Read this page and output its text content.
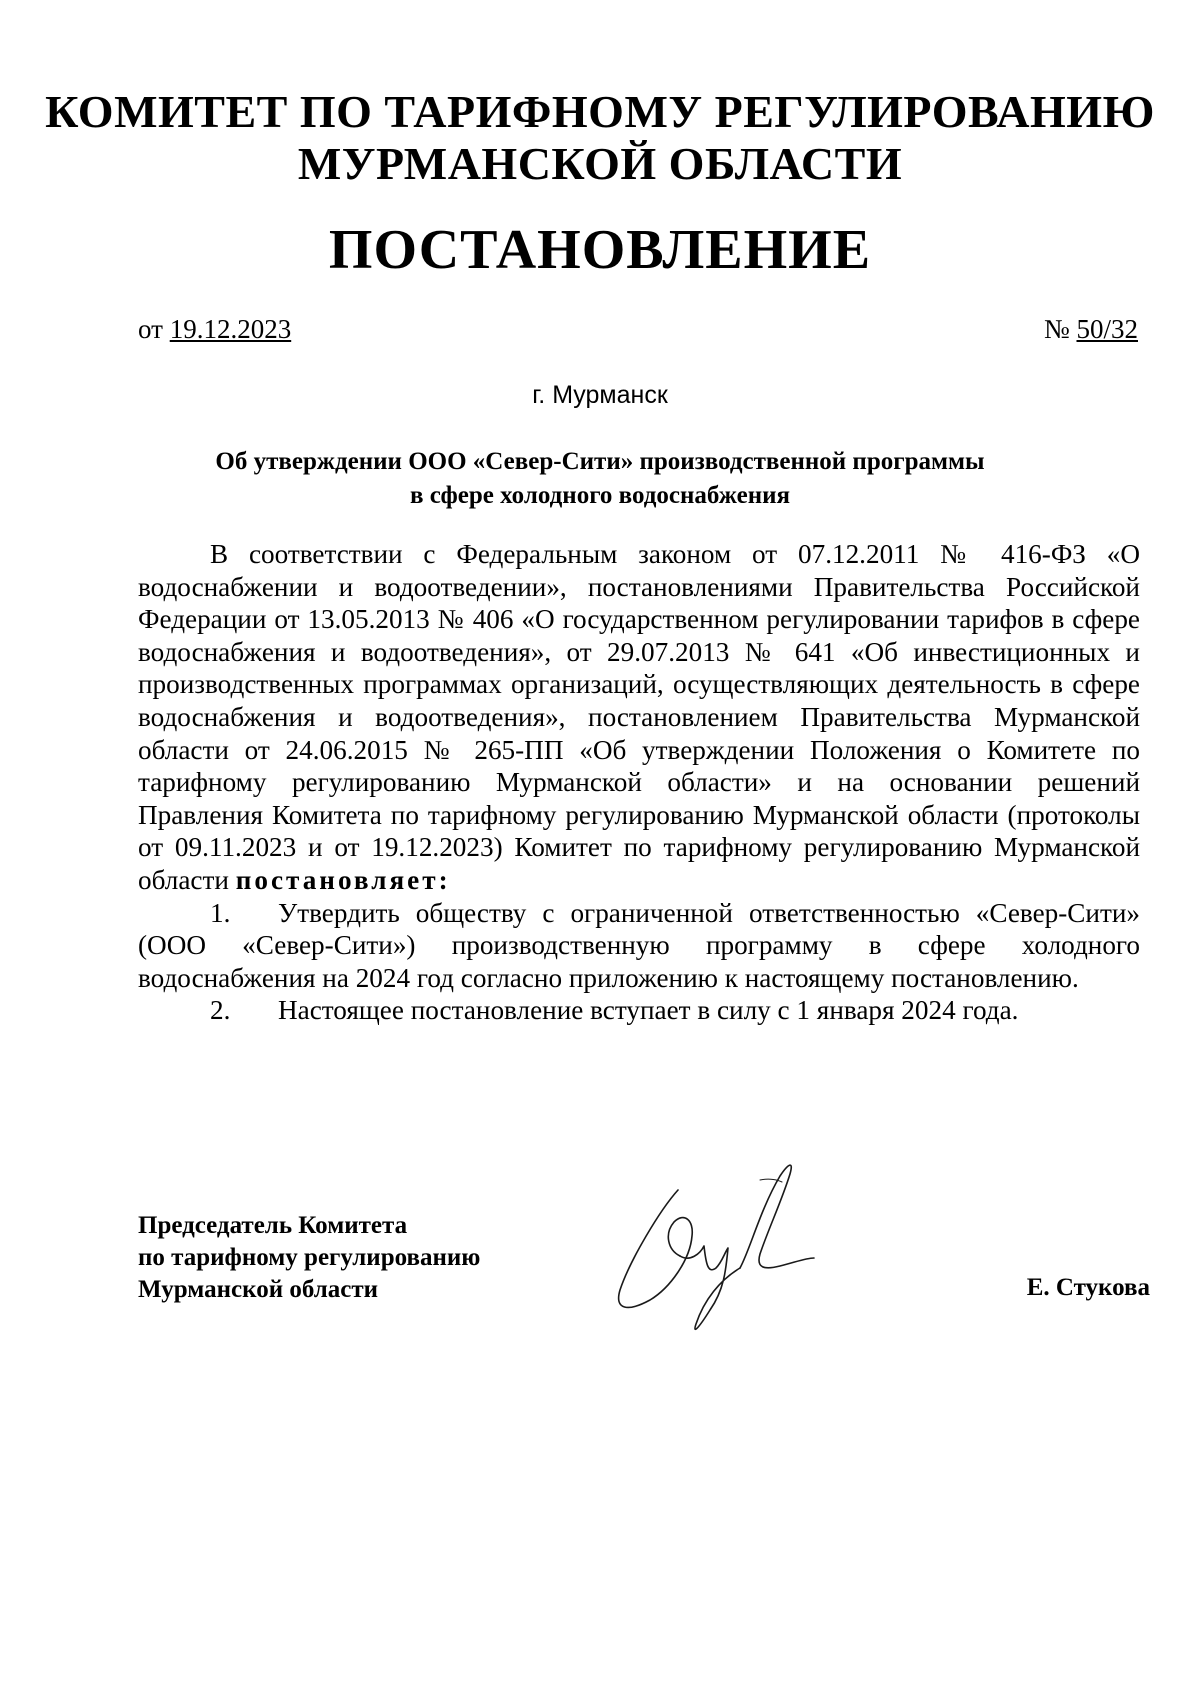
КОМИТЕТ ПО ТАРИФНОМУ РЕГУЛИРОВАНИЮ
МУРМАНСКОЙ ОБЛАСТИ
ПОСТАНОВЛЕНИЕ
от 19.12.2023	№ 50/32
г. Мурманск
Об утверждении ООО «Север-Сити» производственной программы
в сфере холодного водоснабжения

В соответствии с Федеральным законом от 07.12.2011 № 416-ФЗ «О водоснабжении и водоотведении», постановлениями Правительства Российской Федерации от 13.05.2013 № 406 «О государственном регулировании тарифов в сфере водоснабжения и водоотведения», от 29.07.2013 № 641 «Об инвестиционных и производственных программах организаций, осуществляющих деятельность в сфере водоснабжения и водоотведения», постановлением Правительства Мурманской области от 24.06.2015 № 265-ПП «Об утверждении Положения о Комитете по тарифному регулированию Мурманской области» и на основании решений Правления Комитета по тарифному регулированию Мурманской области (протоколы от 09.11.2023 и от 19.12.2023) Комитет по тарифному регулированию Мурманской области постановляет:

1. Утвердить обществу с ограниченной ответственностью «Север-Сити» (ООО «Север-Сити») производственную программу в сфере холодного водоснабжения на 2024 год согласно приложению к настоящему постановлению.

2. Настоящее постановление вступает в силу с 1 января 2024 года.

Председатель Комитета
по тарифному регулированию
Мурманской области	Е. Стукова
